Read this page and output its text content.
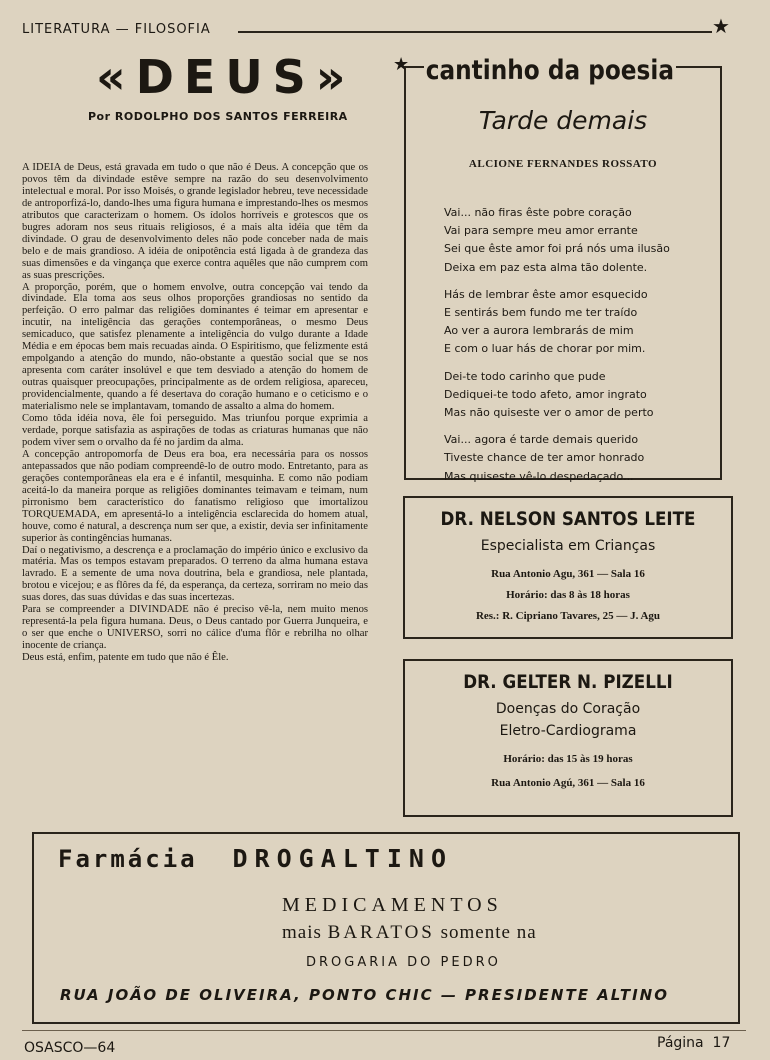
LITERATURA — FILOSOFIA	★
«DEUS»
Por RODOLPHO DOS SANTOS FERREIRA

A IDEIA de Deus, está gravada em tudo o que não é Deus. A concepção que os povos têm da divindade estêve sempre na razão do seu desenvolvimento intelectual e moral. Por isso Moisés, o grande legislador hebreu, teve necessidade de antroporfizá-lo, dando-lhes uma figura humana e imprestando-lhes os mesmos atributos que caracterizam o homem. Os ídolos horríveis e grotescos que os bugres adoram nos seus rituais religiosos, é a mais alta idéia que têm da divindade. O grau de desenvolvimento deles não pode conceber nada de mais belo e de mais grandioso. A idéia de onipotência está ligada à de grandeza das suas dimensões e da vingança que exerce contra aquêles que não cumprem com as suas prescrições.

A proporção, porém, que o homem envolve, outra concepção vai tendo da divindade. Ela toma aos seus olhos proporções grandiosas no sentido da perfeição. O erro palmar das religiões dominantes é teimar em apresentar e incutir, na inteligência das gerações contemporâneas, o mesmo Deus semicaduco, que satisfez plenamente a inteligência do vulgo durante a Idade Média e em épocas bem mais recuadas ainda. O Espiritismo, que felizmente está empolgando a atenção do mundo, não-obstante a questão social que se nos apresenta com caráter insolúvel e que tem desviado a atenção do homem de outras quaisquer preocupações, principalmente as de ordem religiosa, apareceu, providencialmente, quando a fé desertava do coração humano e o ceticismo e o materialismo nele se implantavam, tomando de assalto a alma do homem.

Como tôda idéia nova, êle foi perseguido. Mas triunfou porque exprimia a verdade, porque satisfazia as aspirações de todas as criaturas humanas que não podem viver sem o orvalho da fé no jardim da alma.

A concepção antropomorfa de Deus era boa, era necessária para os nossos antepassados que não podiam compreendê-lo de outro modo. Entretanto, para as gerações contemporâneas ela era e é infantil, mesquinha. E como não podiam aceitá-lo da maneira porque as religiões dominantes teimavam e teimam, num pirronismo bem característico do fanatismo religioso que imortalizou TORQUEMADA, em apresentá-lo a inteligência esclarecida do homem atual, houve, como é natural, a descrença num ser que, a existir, devia ser infinitamente superior às contingências humanas.

Daí o negativismo, a descrença e a proclamação do império único e exclusivo da matéria. Mas os tempos estavam preparados. O terreno da alma humana estava lavrado. E a semente de uma nova doutrina, bela e grandiosa, nele plantada, brotou e vicejou; e as flôres da fé, da esperança, da certeza, sorriram no meio das suas dores, das suas dúvidas e das suas incertezas.

Para se compreender a DIVINDADE não é preciso vê-la, nem muito menos representá-la pela figura humana. Deus, o Deus cantado por Guerra Junqueira, e o ser que enche o UNIVERSO, sorri no cálice d'uma flôr e rebrilha no olhar inocente de criança.

Deus está, enfim, patente em tudo que não é Êle.

★ cantinho da poesia
Tarde demais
ALCIONE FERNANDES ROSSATO
Vai... não firas êste pobre coração
Vai para sempre meu amor errante
Sei que êste amor foi prá nós uma ilusão
Deixa em paz esta alma tão dolente.
Hás de lembrar êste amor esquecido
E sentirás bem fundo me ter traído
Ao ver a aurora lembrarás de mim
E com o luar hás de chorar por mim.
Dei-te todo carinho que pude
Dediquei-te todo afeto, amor ingrato
Mas não quiseste ver o amor de perto
Vai... agora é tarde demais querido
Tiveste chance de ter amor honrado
Mas quiseste vê-lo despedaçado...
DR. NELSON SANTOS LEITE
Especialista em Crianças
Rua Antonio Agu, 361 — Sala 16
Horário: das 8 às 18 horas
Res.: R. Cipriano Tavares, 25 — J. Agu
DR. GELTER N. PIZELLI
Doenças do Coração
Eletro-Cardiograma
Horário: das 15 às 19 horas
Rua Antonio Agú, 361 — Sala 16
Farmácia DROGALTINO
MEDICAMENTOS
mais BARATOS somente na
DROGARIA DO PEDRO
RUA JOÃO DE OLIVEIRA, PONTO CHIC — PRESIDENTE ALTINO
OSASCO—64	Página 17
